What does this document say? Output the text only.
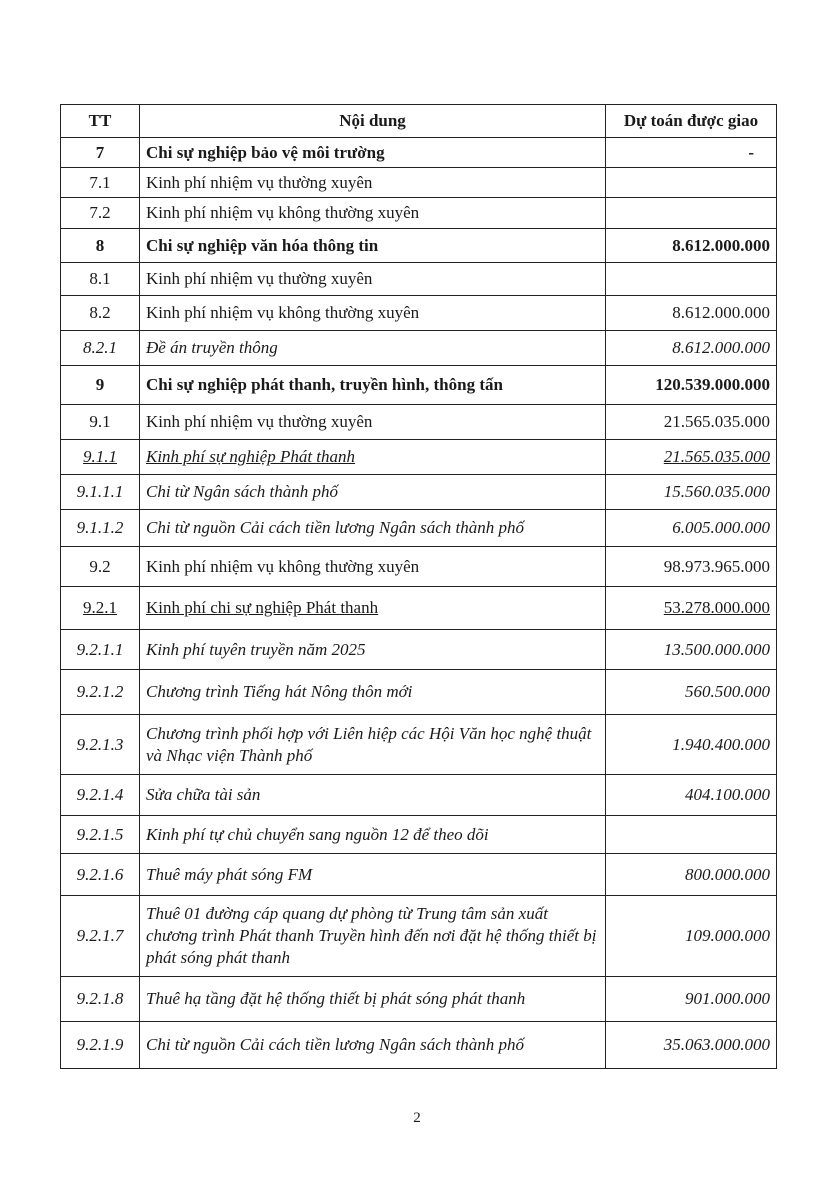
TT	Nội dung	Dự toán được giao
7	Chi sự nghiệp bảo vệ môi trường	-
7.1	Kinh phí nhiệm vụ thường xuyên	
7.2	Kinh phí nhiệm vụ không thường xuyên	
8	Chi sự nghiệp văn hóa thông tin	8.612.000.000
8.1	Kinh phí nhiệm vụ thường xuyên	
8.2	Kinh phí nhiệm vụ không thường xuyên	8.612.000.000
8.2.1	Đề án truyền thông	8.612.000.000
9	Chi sự nghiệp phát thanh, truyền hình, thông tấn	120.539.000.000
9.1	Kinh phí nhiệm vụ thường xuyên	21.565.035.000
9.1.1	Kinh phí sự nghiệp Phát thanh	21.565.035.000
9.1.1.1	Chi từ Ngân sách thành phố	15.560.035.000
9.1.1.2	Chi từ nguồn Cải cách tiền lương Ngân sách thành phố	6.005.000.000
9.2	Kinh phí nhiệm vụ không thường xuyên	98.973.965.000
9.2.1	Kinh phí chi sự nghiệp Phát thanh	53.278.000.000
9.2.1.1	Kinh phí tuyên truyền năm 2025	13.500.000.000
9.2.1.2	Chương trình Tiếng hát Nông thôn mới	560.500.000
9.2.1.3	Chương trình phối hợp với Liên hiệp các Hội Văn học nghệ thuật và Nhạc viện Thành phố	1.940.400.000
9.2.1.4	Sửa chữa tài sản	404.100.000
9.2.1.5	Kinh phí tự chủ chuyển sang nguồn 12 để theo dõi	
9.2.1.6	Thuê máy phát sóng FM	800.000.000
9.2.1.7	Thuê 01 đường cáp quang dự phòng từ Trung tâm sản xuất chương trình Phát thanh Truyền hình đến nơi đặt hệ thống thiết bị phát sóng phát thanh	109.000.000
9.2.1.8	Thuê hạ tầng đặt hệ thống thiết bị phát sóng phát thanh	901.000.000
9.2.1.9	Chi từ nguồn Cải cách tiền lương Ngân sách thành phố	35.063.000.000
2
